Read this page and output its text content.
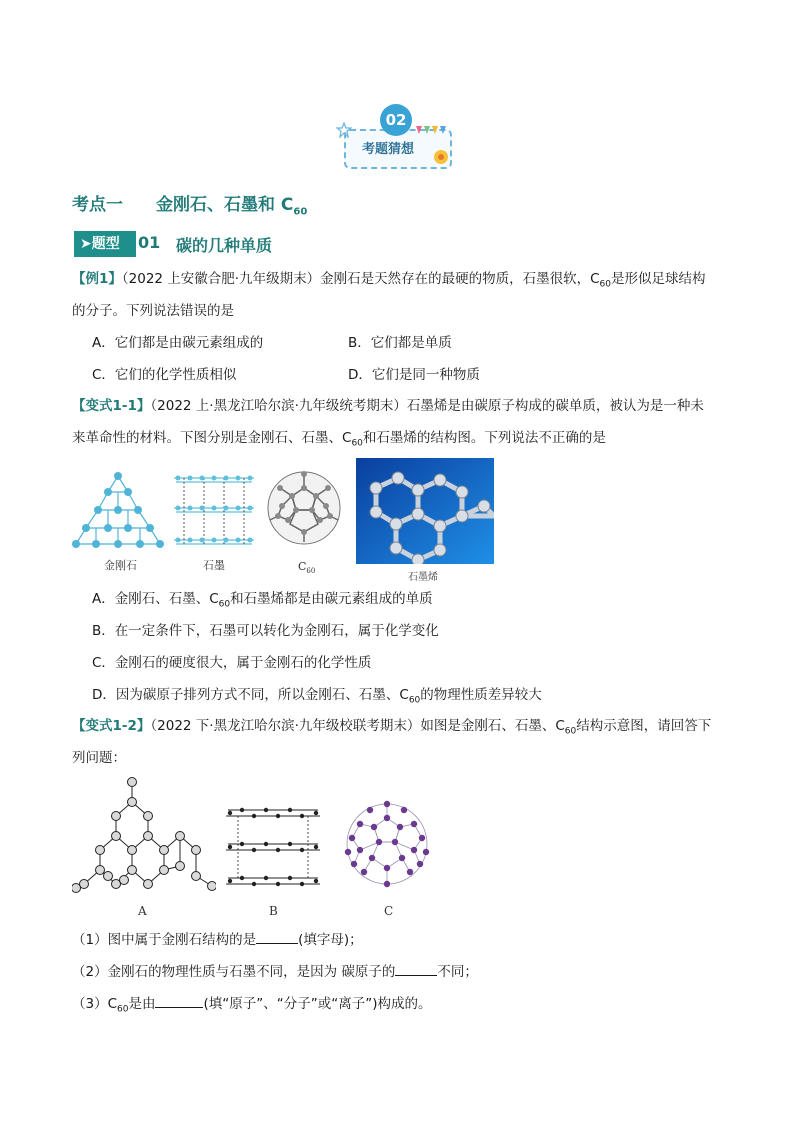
02
考题猜想
考点一 金刚石、石墨和 $C_{60}$
➤题型	01 碳的几种单质
【例1】（2022 上安徽合肥·九年级期末）金刚石是天然存在的最硬的物质，石墨很软，$C_{60}$是形似足球结构
的分子。下列说法错误的是
A．它们都是由碳元素组成的	B．它们都是单质
C．它们的化学性质相似	D．它们是同一种物质
【变式1-1】（2022 上·黑龙江哈尔滨·九年级统考期末）石墨烯是由碳原子构成的碳单质，被认为是一种未
来革命性的材料。下图分别是金刚石、石墨、$C_{60}$和石墨烯的结构图。下列说法不正确的是
金刚石	石墨	$C_{60}$
石墨烯
A．金刚石、石墨、$C_{60}$和石墨烯都是由碳元素组成的单质
B．在一定条件下，石墨可以转化为金刚石，属于化学变化
C．金刚石的硬度很大，属于金刚石的化学性质
D．因为碳原子排列方式不同，所以金刚石、石墨、$C_{60}$的物理性质差异较大
【变式1-2】（2022 下·黑龙江哈尔滨·九年级校联考期末）如图是金刚石、石墨、$C_{60}$结构示意图，请回答下
列问题：
A	B	C
（1）图中属于金刚石结构的是	(填字母)；
（2）金刚石的物理性质与石墨不同，是因为 碳原子的	不同；
$(3)C_{60}$是由	(填“原子”、“分子”或“离子”)构成的。
